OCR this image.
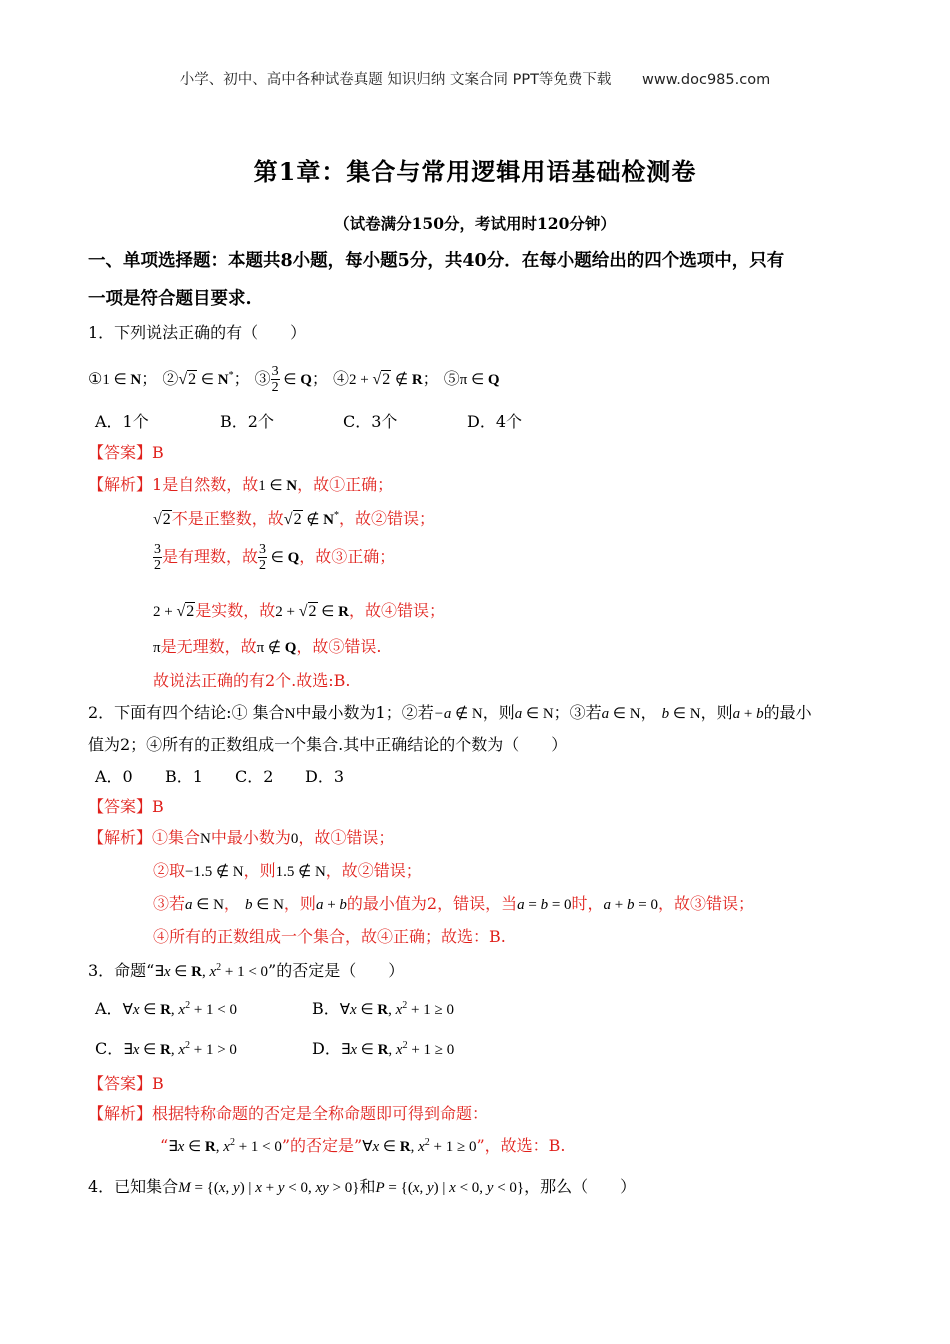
小学、初中、高中各种试卷真题 知识归纳 文案合同 PPT等免费下载 www.doc985.com
第1章：集合与常用逻辑用语基础检测卷
（试卷满分150分，考试用时120分钟）
一、单项选择题：本题共8小题，每小题5分，共40分．在每小题给出的四个选项中，只有
一项是符合题目要求.
1．下列说法正确的有（　　）
①1 ∈ N； ②√2 ∈ N*； ③ $\frac{3}{2}$ ∈ Q； ④2 + √2 ∉ R； ⑤π ∈ Q
A．1个	B．2个	C．3个	D．4个
【答案】B
【解析】1是自然数，故1 ∈ N，故①正确；
√2不是正整数，故√2 ∉ N*，故②错误；
$\frac{3}{2}$ 是有理数，故 $\frac{3}{2}$ ∈ Q，故③正确；
2 + √2是实数，故2 + √2 ∈ R，故④错误；
π是无理数，故π ∉ Q，故⑤错误.
故说法正确的有2个.故选:B.
2．下面有四个结论:① 集合N中最小数为1；②若−a ∉ N，则a ∈ N；③若a ∈ N， b ∈ N，则a + b的最小
值为2；④所有的正数组成一个集合.其中正确结论的个数为（　　）
A．0 B．1 C．2 D．3
【答案】B
【解析】①集合N中最小数为0，故①错误；
②取−1.5 ∉ N，则1.5 ∉ N，故②错误；
③若a ∈ N， b ∈ N，则a + b的最小值为2，错误，当a = b = 0时，a + b = 0，故③错误；
④所有的正数组成一个集合，故④正确；故选：B.
3．命题“∃x ∈ R, $x^2 + 1 < 0$”的否定是（　　）
A．∀x ∈ R, $x^2 + 1 < 0$	B．∀x ∈ R, $x^2 + 1 \ge 0$
C．∃x ∈ R, $x^2 + 1 > 0$	D．∃x ∈ R, $x^2 + 1 \ge 0$
【答案】B
【解析】根据特称命题的否定是全称命题即可得到命题：
“∃x ∈ R, $x^2 + 1 < 0$”的否定是”∀x ∈ R, $x^2 + 1 \ge 0$”，故选：B.
4．已知集合M = {(x, y) | x + y < 0, xy > 0}和P = {(x, y) | x < 0, y < 0}，那么（　　）
